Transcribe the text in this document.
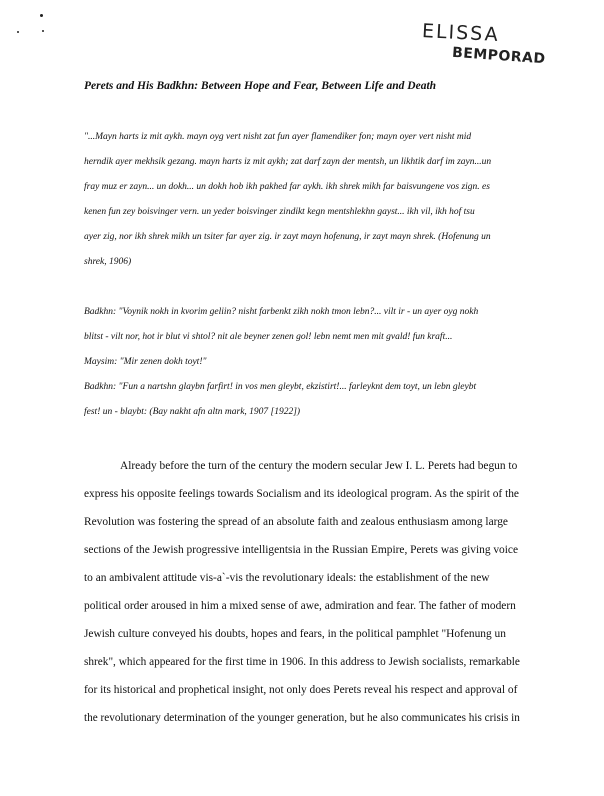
ELISSA
BEMPORAD
Perets and His Badkhn: Between Hope and Fear, Between Life and Death
"...Mayn harts iz mit aykh. mayn oyg vert nisht zat fun ayer flamendiker fon; mayn oyer vert nisht mid
herndik ayer mekhsik gezang. mayn harts iz mit aykh; zat darf zayn der mentsh, un likhtik darf im zayn...un
fray muz er zayn... un dokh... un dokh hob ikh pakhed far aykh. ikh shrek mikh far baisvungene vos zign. es
kenen fun zey boisvinger vern. un yeder boisvinger zindikt kegn mentshlekhn gayst... ikh vil, ikh hof tsu
ayer zig, nor ikh shrek mikh un tsiter far ayer zig. ir zayt mayn hofenung, ir zayt mayn shrek. (Hofenung un
shrek, 1906)
Badkhn: "Voynik nokh in kvorim geliin? nisht farbenkt zikh nokh tmon lebn?... vilt ir - un ayer oyg nokh
blitst - vilt nor, hot ir blut vi shtol? nit ale beyner zenen gol! lebn nemt men mit gvald! fun kraft...
Maysim: "Mir zenen dokh toyt!"
Badkhn: "Fun a nartshn glaybn farfirt! in vos men gleybt, ekzistirt!... farleyknt dem toyt, un lebn gleybt
fest! un - blaybt: (Bay nakht afn altn mark, 1907 [1922])
Already before the turn of the century the modern secular Jew I. L. Perets had begun to
express his opposite feelings towards Socialism and its ideological program. As the spirit of the
Revolution was fostering the spread of an absolute faith and zealous enthusiasm among large
sections of the Jewish progressive intelligentsia in the Russian Empire, Perets was giving voice
to an ambivalent attitude vis-a`-vis the revolutionary ideals: the establishment of the new
political order aroused in him a mixed sense of awe, admiration and fear. The father of modern
Jewish culture conveyed his doubts, hopes and fears, in the political pamphlet "Hofenung un
shrek", which appeared for the first time in 1906. In this address to Jewish socialists, remarkable
for its historical and prophetical insight, not only does Perets reveal his respect and approval of
the revolutionary determination of the younger generation, but he also communicates his crisis in
